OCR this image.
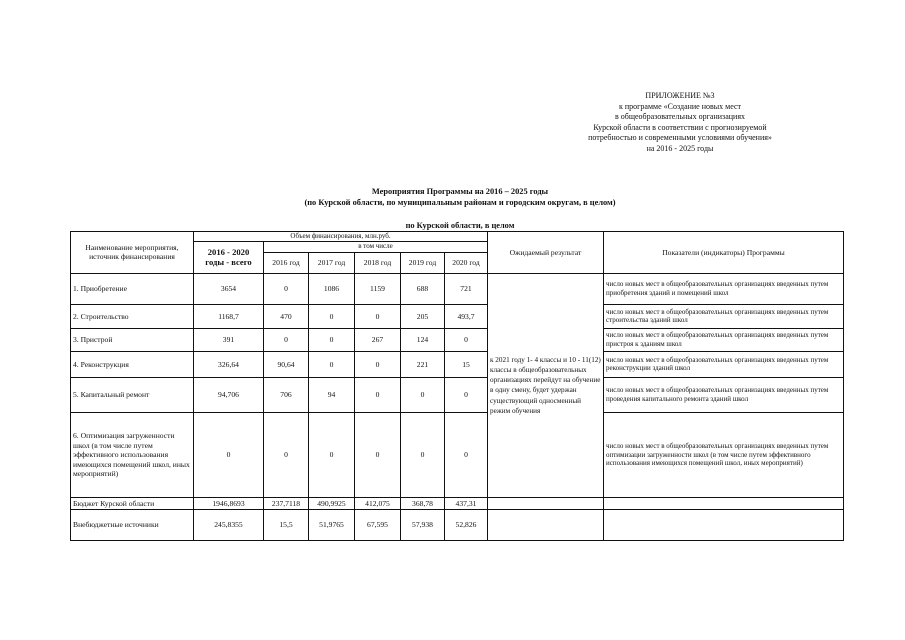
ПРИЛОЖЕНИЕ №3
к программе «Создание новых мест
в общеобразовательных организациях
Курской области в соответствии с прогнозируемой
потребностью и современными условиями обучения»
на 2016 - 2025 годы
Мероприятия Программы на 2016 – 2025 годы
(по Курской области, по муниципальным районам и городским округам, в целом)
по Курской области, в целом
Наименование мероприятия, источник финансирования	Объем финансирования, млн.руб.						Ожидаемый результат	Показатели (индикаторы) Программы
	2016 - 2020
годы - всего	в том числе						
		2016 год	2017 год	2018 год	2019 год	2020 год		
1. Приобретение	3654	0	1086	1159	688	721	к 2021 году 1- 4 классы и 10 - 11(12) классы в общеобразовательных организациях перейдут на обучение в одну смену, будет удержан существующий односменный режим обучения	число новых мест в общеобразовательных организациях введенных путем приобретения зданий и помещений школ
2. Строительство	1168,7	470	0	0	205	493,7		число новых мест в общеобразовательных организациях введенных путем строительства зданий школ
3. Пристрой	391	0	0	267	124	0		число новых мест в общеобразовательных организациях введенных путем пристроя к зданиям школ
4. Реконструкция	326,64	90,64	0	0	221	15		число новых мест в общеобразовательных организациях введенных путем реконструкции зданий школ
5. Капитальный ремонт	94,706	706	94	0	0	0		число новых мест в общеобразовательных организациях введенных путем проведения капитального ремонта зданий школ
6. Оптимизация загруженности школ (в том числе путем эффективного использования имеющихся помещений школ, иных мероприятий)	0	0	0	0	0	0		число новых мест в общеобразовательных организациях введенных путем оптимизации загруженности школ (в том числе путем эффективного использования имеющихся помещений школ, иных мероприятий)
Бюджет Курской области	1946,8693	237,7118	490,9925	412,075	368,78	437,31		
Внебюджетные источники	245,8355	15,5	51,9765	67,595	57,938	52,826		
